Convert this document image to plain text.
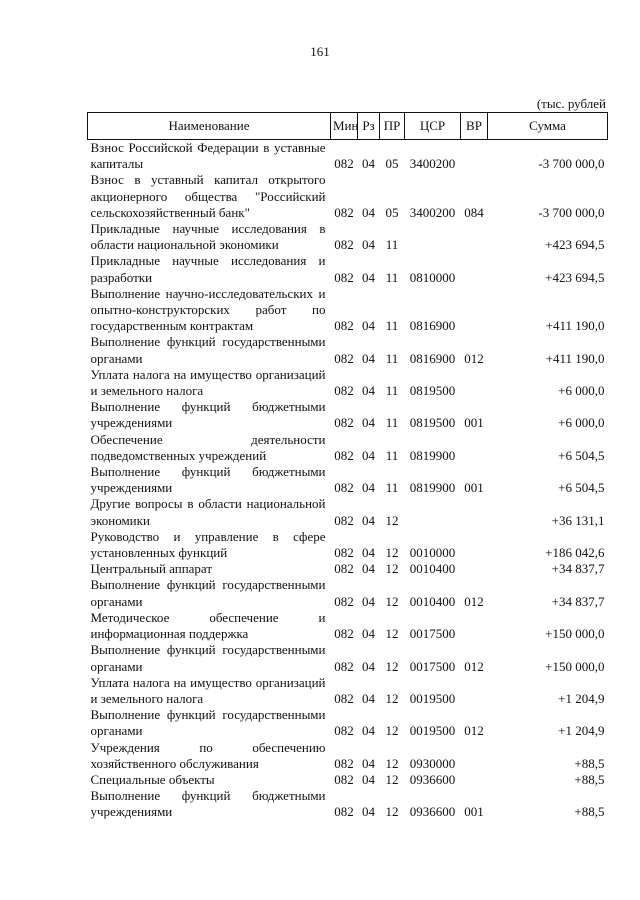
161
(тыс. рублей
Наименование	Мин	Рз	ПР	ЦСР	ВР	Сумма
Взнос Российской Федерации в уставные капиталы	082	04	05	3400200		-3 700 000,0
Взнос в уставный капитал открытого акционерного общества "Российский сельскохозяйственный банк"	082	04	05	3400200	084	-3 700 000,0
Прикладные научные исследования в области национальной экономики	082	04	11			+423 694,5
Прикладные научные исследования и разработки	082	04	11	0810000		+423 694,5
Выполнение научно-исследовательских и опытно-конструкторских работ по государственным контрактам	082	04	11	0816900		+411 190,0
Выполнение функций государственными органами	082	04	11	0816900	012	+411 190,0
Уплата налога на имущество организаций и земельного налога	082	04	11	0819500		+6 000,0
Выполнение функций бюджетными учреждениями	082	04	11	0819500	001	+6 000,0
Обеспечение деятельности подведомственных учреждений	082	04	11	0819900		+6 504,5
Выполнение функций бюджетными учреждениями	082	04	11	0819900	001	+6 504,5
Другие вопросы в области национальной экономики	082	04	12			+36 131,1
Руководство и управление в сфере установленных функций	082	04	12	0010000		+186 042,6
Центральный аппарат	082	04	12	0010400		+34 837,7
Выполнение функций государственными органами	082	04	12	0010400	012	+34 837,7
Методическое обеспечение и информационная поддержка	082	04	12	0017500		+150 000,0
Выполнение функций государственными органами	082	04	12	0017500	012	+150 000,0
Уплата налога на имущество организаций и земельного налога	082	04	12	0019500		+1 204,9
Выполнение функций государственными органами	082	04	12	0019500	012	+1 204,9
Учреждения по обеспечению хозяйственного обслуживания	082	04	12	0930000		+88,5
Специальные объекты	082	04	12	0936600		+88,5
Выполнение функций бюджетными учреждениями	082	04	12	0936600	001	+88,5
